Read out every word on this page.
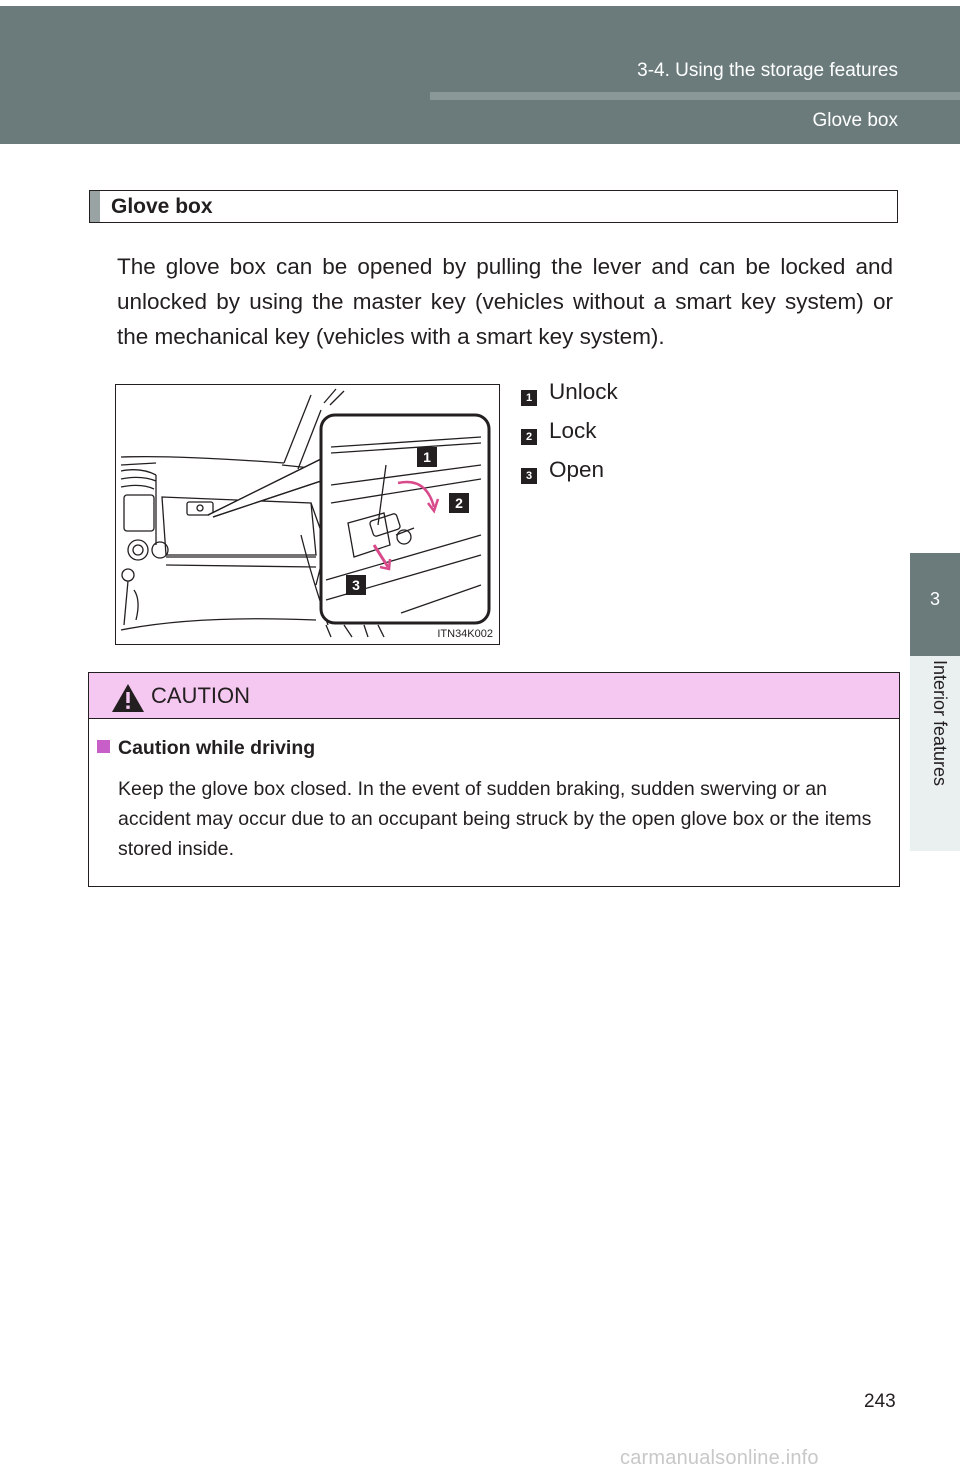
3-4. Using the storage features
Glove box
3
Interior features
Glove box
The glove box can be opened by pulling the lever and can be locked and unlocked by using the master key (vehicles without a smart key system) or the mechanical key (vehicles with a smart key system).
1
2
3
ITN34K002
1 Unlock
2 Lock
3 Open
CAUTION
Caution while driving
Keep the glove box closed. In the event of sudden braking, sudden swerving or an accident may occur due to an occupant being struck by the open glove box or the items stored inside.
243
carmanualsonline.info
